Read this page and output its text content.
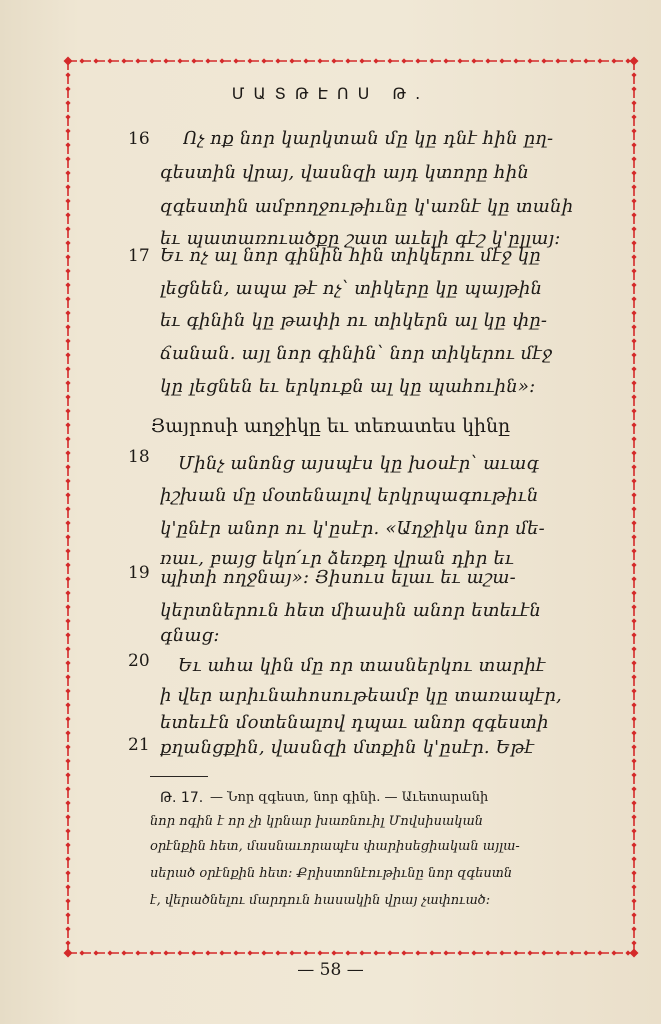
ՄԱՏԹԷՈՍ Թ.
16 Ոչ ոք նոր կարկտան մը կը դնէ հին ըղ-
գեստին վրայ, վասնզի այդ կտորը հին
զգեստին ամբողջութիւնը կ'առնէ կը տանի
եւ պատառուածքը շատ աւելի գէշ կ'ըլլայ:
17 Եւ ոչ ալ նոր գինին հին տիկերու մէջ կը
լեցնեն, ապա թէ ոչ՝ տիկերը կը պայթին
եւ գինին կը թափի ու տիկերն ալ կը փը-
ճանան. այլ նոր գինին՝ նոր տիկերու մէջ
կը լեցնեն եւ երկուքն ալ կը պահուին»:
Յայրոսի աղջիկը եւ տեռատես կինը
18 Մինչ անոնց այսպէս կը խօսէր՝ աւագ
իշխան մը մօտենալով երկրպագութիւն
կ'ընէր անոր ու կ'ըսէր. «Աղջիկս նոր մե-
ռաւ, բայց եկո՛ւր ձեռքդ վրան դիր եւ
19 պիտի ողջնայ»: Յիսուս ելաւ եւ աշա-
կերտներուն հետ միասին անոր ետեւէն
գնաց:
20 Եւ ահա կին մը որ տասներկու տարիէ
ի վեր արիւնահոսութեամբ կը տառապէր,
ետեւէն մօտենալով դպաւ անոր զգեստի
21 քղանցքին, վասնզի մտքին կ'ըսէր. Եթէ
Թ. 17. — Նոր զգեստ, նոր գինի. — Աւետարանի
նոր ոգին է որ չի կրնար խառնուիլ Մովսիսական
օրէնքին հետ, մասնաւորապէս փարիսեցիական այլա-
սերած օրէնքին հետ: Քրիստոնէութիւնը նոր զգեստն
է, վերածնելու մարդուն հասակին վրայ չափուած:
— 58 —
